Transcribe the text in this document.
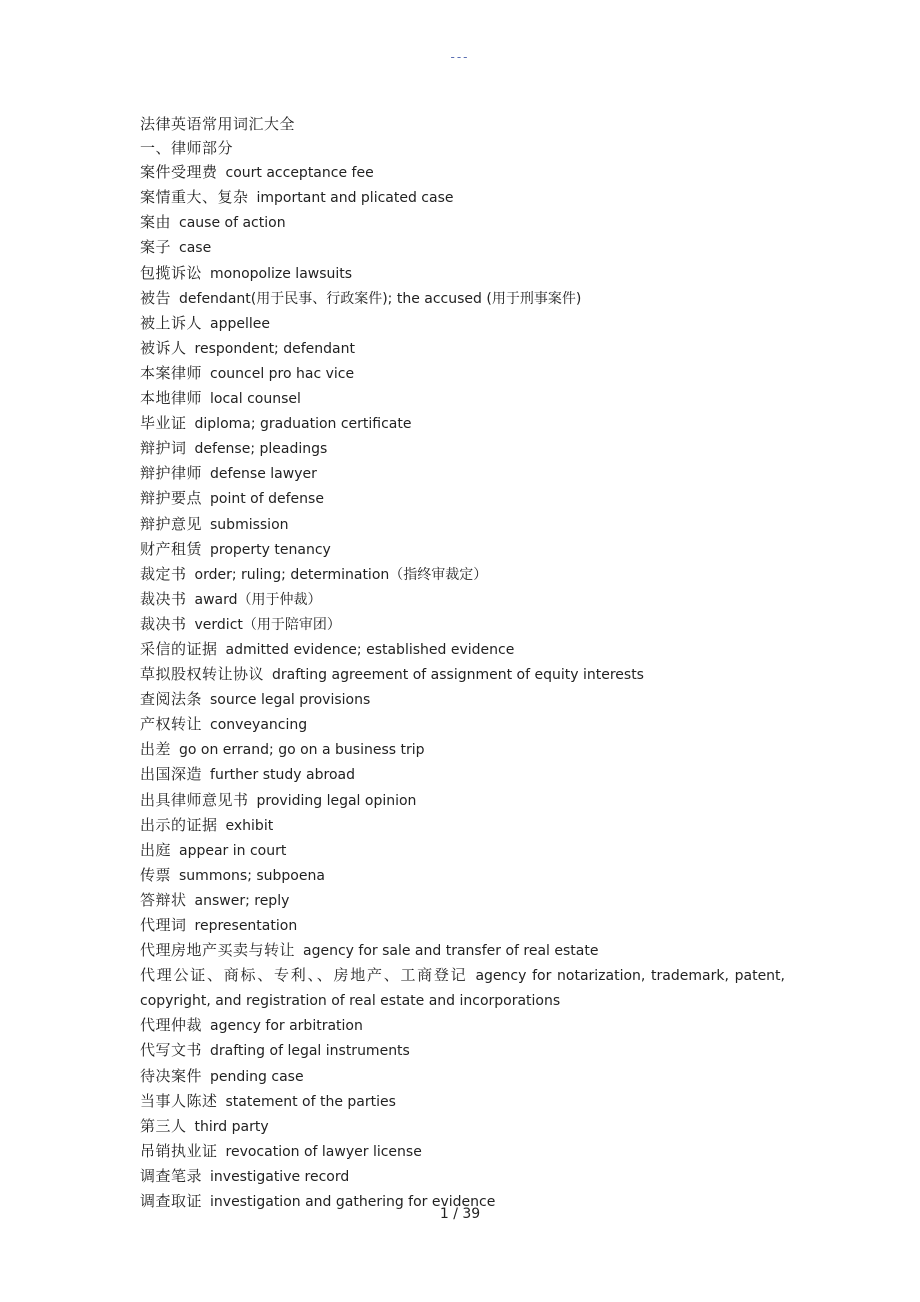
---
法律英语常用词汇大全
一、律师部分
案件受理费 court acceptance fee
案情重大、复杂 important and plicated case
案由 cause of action
案子 case
包揽诉讼 monopolize lawsuits
被告 defendant(用于民事、行政案件); the accused (用于刑事案件)
被上诉人 appellee
被诉人 respondent; defendant
本案律师 councel pro hac vice
本地律师 local counsel
毕业证 diploma; graduation certificate
辩护词 defense; pleadings
辩护律师 defense lawyer
辩护要点 point of defense
辩护意见 submission
财产租赁 property tenancy
裁定书 order; ruling; determination（指终审裁定）
裁决书 award（用于仲裁）
裁决书 verdict（用于陪审团）
采信的证据 admitted evidence; established evidence
草拟股权转让协议 drafting agreement of assignment of equity interests
查阅法条 source legal provisions
产权转让 conveyancing
出差 go on errand; go on a business trip
出国深造 further study abroad
出具律师意见书 providing legal opinion
出示的证据 exhibit
出庭 appear in court
传票 summons; subpoena
答辩状 answer; reply
代理词 representation
代理房地产买卖与转让 agency for sale and transfer of real estate
代理公证、商标、专利、、房地产、工商登记 agency for notarization, trademark, patent, copyright, and registration of real estate and incorporations
代理仲裁 agency for arbitration
代写文书 drafting of legal instruments
待决案件 pending case
当事人陈述 statement of the parties
第三人 third party
吊销执业证 revocation of lawyer license
调查笔录 investigative record
调查取证 investigation and gathering for evidence
1 / 39
